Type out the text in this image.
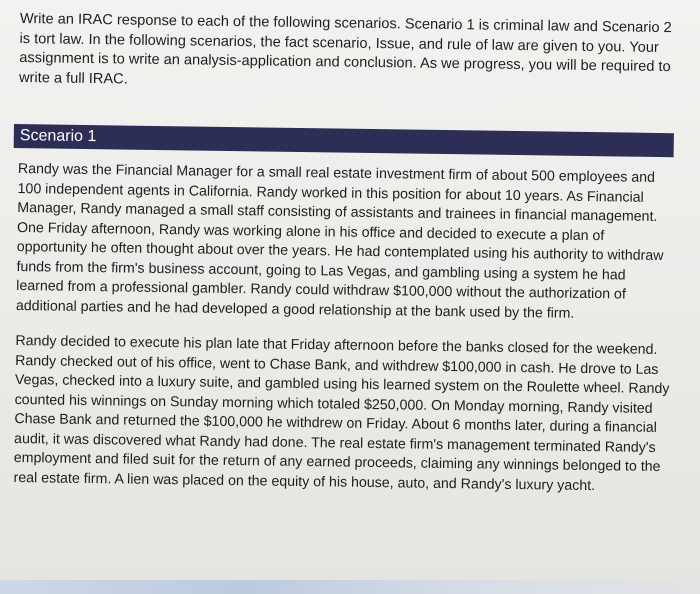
Write an IRAC response to each of the following scenarios. Scenario 1 is criminal law and Scenario 2 is tort law. In the following scenarios, the fact scenario, Issue, and rule of law are given to you. Your assignment is to write an analysis-application and conclusion. As we progress, you will be required to write a full IRAC.

Scenario 1

Randy was the Financial Manager for a small real estate investment firm of about 500 employees and 100 independent agents in California. Randy worked in this position for about 10 years. As Financial Manager, Randy managed a small staff consisting of assistants and trainees in financial management. One Friday afternoon, Randy was working alone in his office and decided to execute a plan of opportunity he often thought about over the years. He had contemplated using his authority to withdraw funds from the firm's business account, going to Las Vegas, and gambling using a system he had learned from a professional gambler. Randy could withdraw $100,000 without the authorization of additional parties and he had developed a good relationship at the bank used by the firm.

Randy decided to execute his plan late that Friday afternoon before the banks closed for the weekend. Randy checked out of his office, went to Chase Bank, and withdrew $100,000 in cash. He drove to Las Vegas, checked into a luxury suite, and gambled using his learned system on the Roulette wheel. Randy counted his winnings on Sunday morning which totaled $250,000. On Monday morning, Randy visited Chase Bank and returned the $100,000 he withdrew on Friday. About 6 months later, during a financial audit, it was discovered what Randy had done. The real estate firm's management terminated Randy's employment and filed suit for the return of any earned proceeds, claiming any winnings belonged to the real estate firm. A lien was placed on the equity of his house, auto, and Randy's luxury yacht.
